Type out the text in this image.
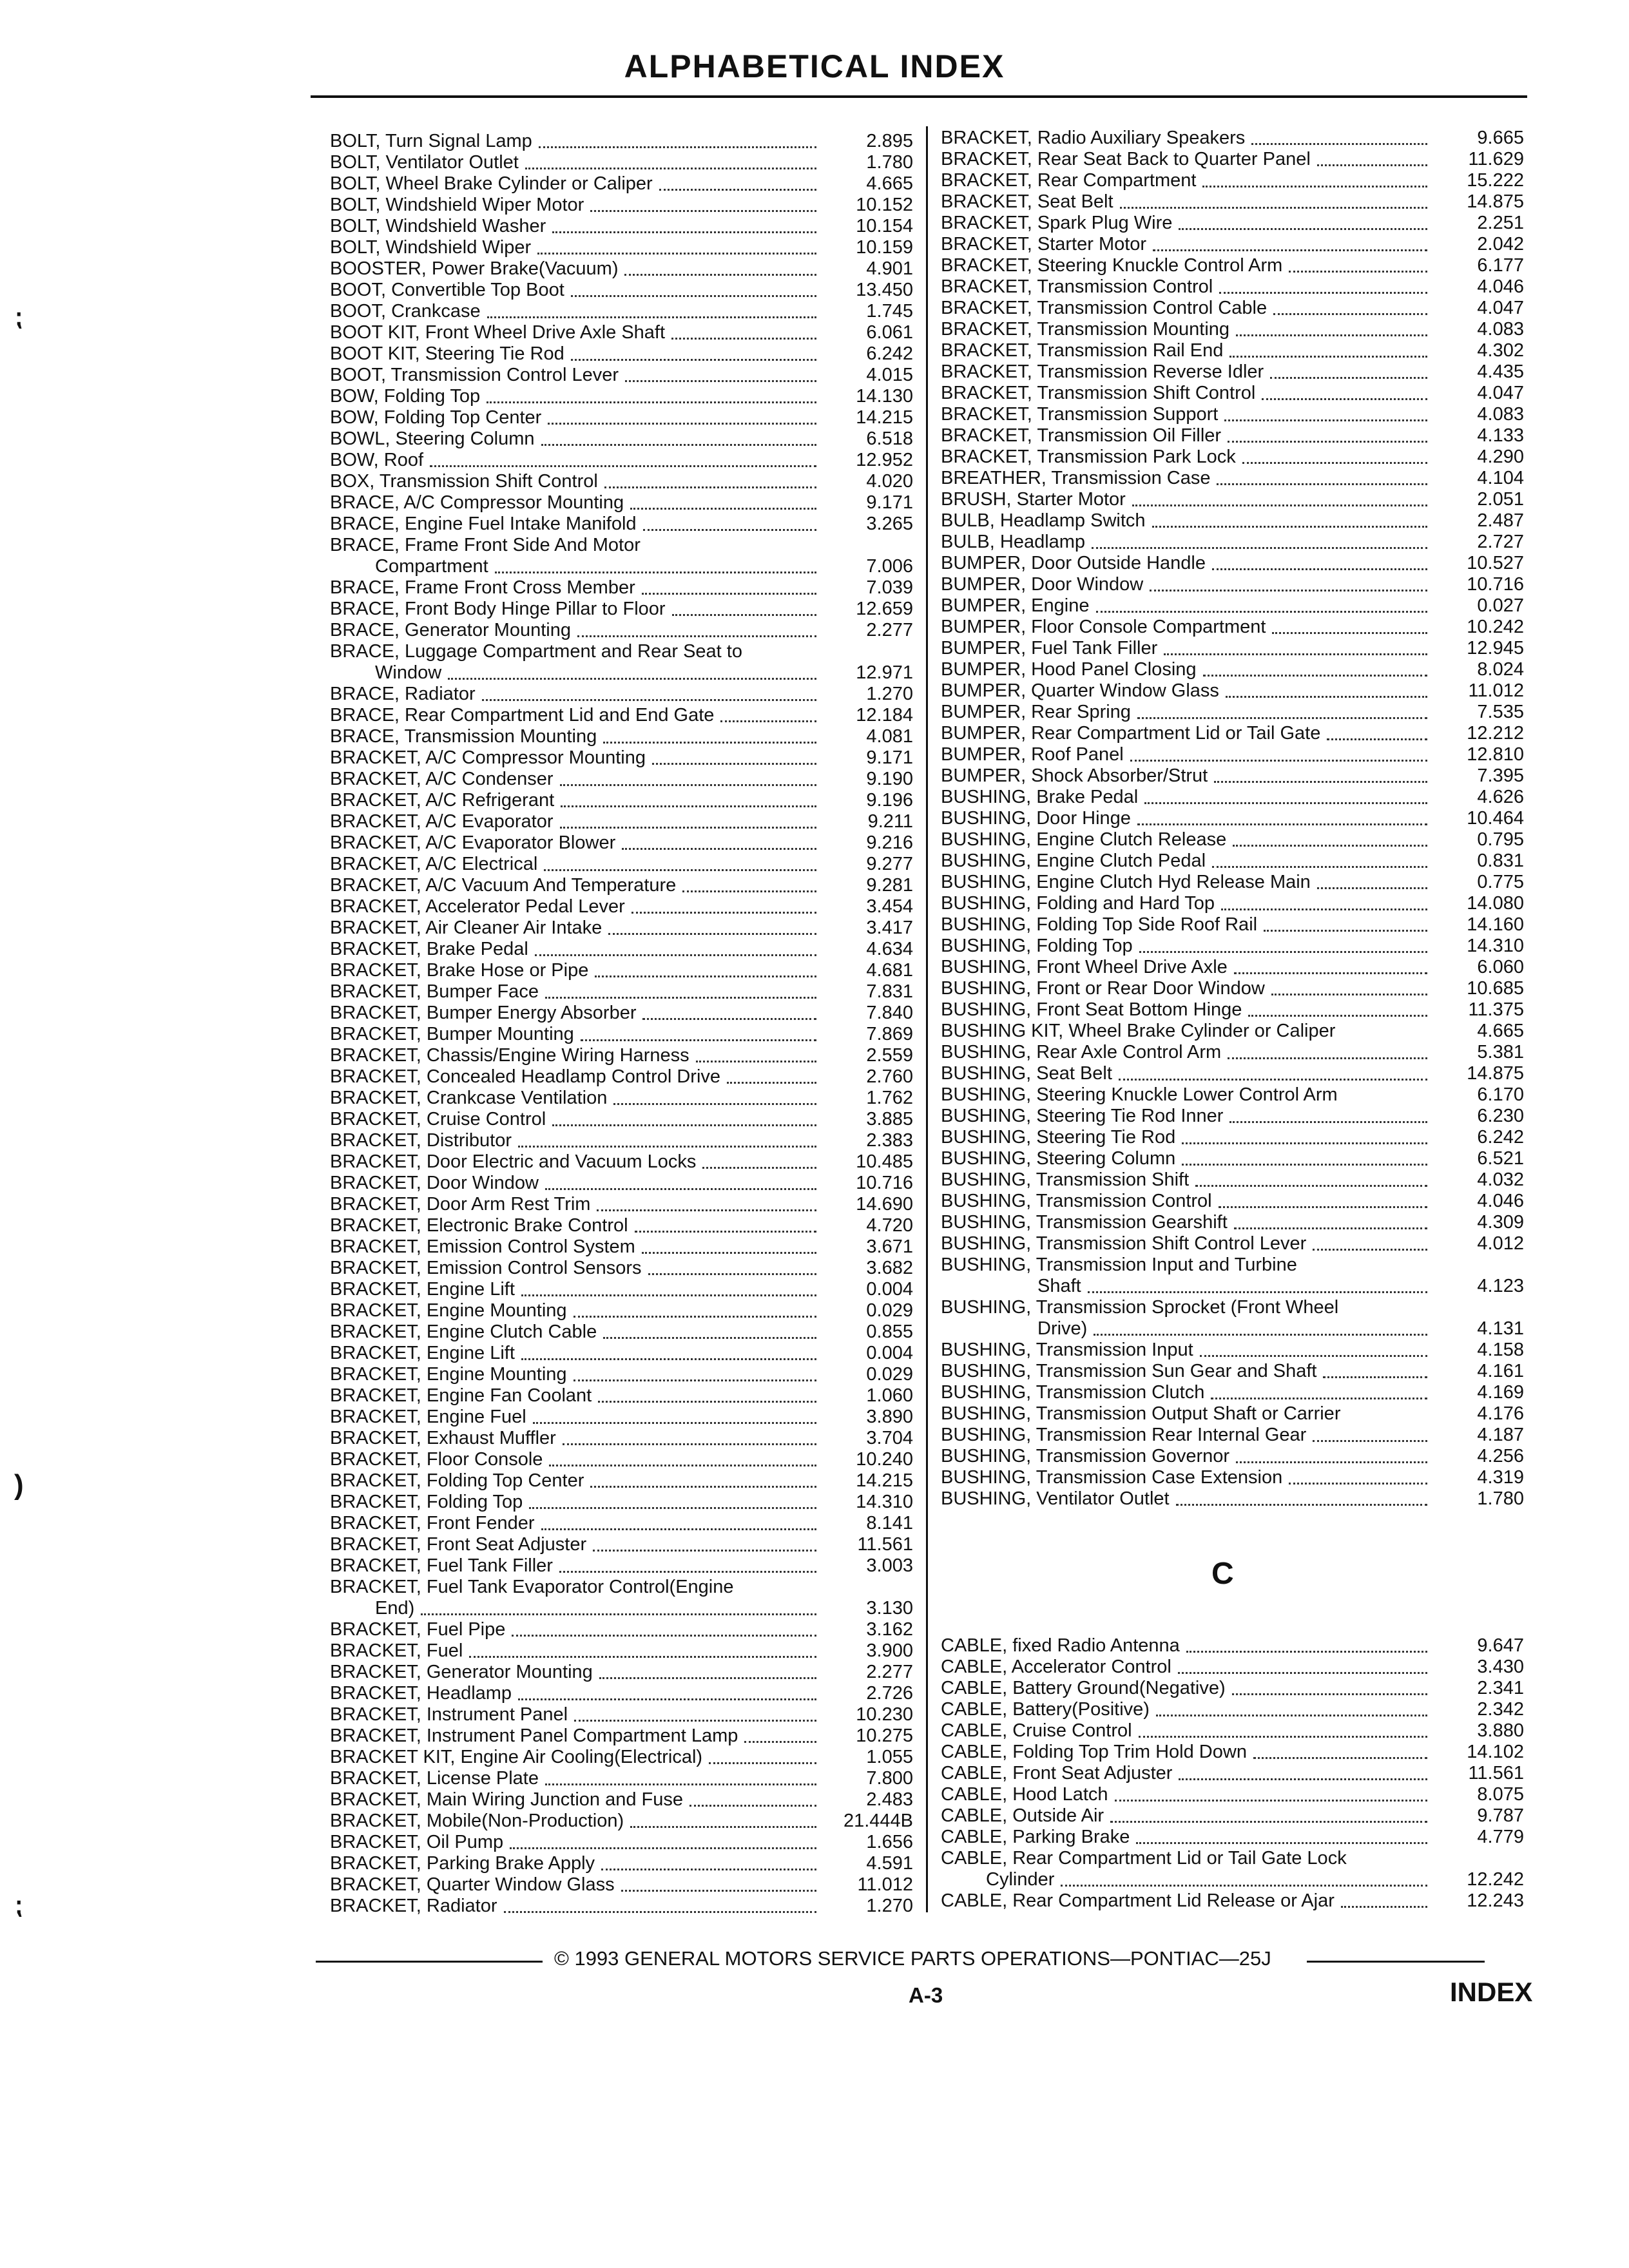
ALPHABETICAL INDEX
⁏
)
⁏
BOLT, Turn Signal Lamp	2.895
BOLT, Ventilator Outlet	1.780
BOLT, Wheel Brake Cylinder or Caliper	4.665
BOLT, Windshield Wiper Motor	10.152
BOLT, Windshield Washer	10.154
BOLT, Windshield Wiper	10.159
BOOSTER, Power Brake(Vacuum)	4.901
BOOT, Convertible Top Boot	13.450
BOOT, Crankcase	1.745
BOOT KIT, Front Wheel Drive Axle Shaft	6.061
BOOT KIT, Steering Tie Rod	6.242
BOOT, Transmission Control Lever	4.015
BOW, Folding Top	14.130
BOW, Folding Top Center	14.215
BOWL, Steering Column	6.518
BOW, Roof	12.952
BOX, Transmission Shift Control	4.020
BRACE, A/C Compressor Mounting	9.171
BRACE, Engine Fuel Intake Manifold	3.265
BRACE, Frame Front Side And Motor
Compartment	7.006
BRACE, Frame Front Cross Member	7.039
BRACE, Front Body Hinge Pillar to Floor	12.659
BRACE, Generator Mounting	2.277
BRACE, Luggage Compartment and Rear Seat to
Window	12.971
BRACE, Radiator	1.270
BRACE, Rear Compartment Lid and End Gate	12.184
BRACE, Transmission Mounting	4.081
BRACKET, A/C Compressor Mounting	9.171
BRACKET, A/C Condenser	9.190
BRACKET, A/C Refrigerant	9.196
BRACKET, A/C Evaporator	9.211
BRACKET, A/C Evaporator Blower	9.216
BRACKET, A/C Electrical	9.277
BRACKET, A/C Vacuum And Temperature	9.281
BRACKET, Accelerator Pedal Lever	3.454
BRACKET, Air Cleaner Air Intake	3.417
BRACKET, Brake Pedal	4.634
BRACKET, Brake Hose or Pipe	4.681
BRACKET, Bumper Face	7.831
BRACKET, Bumper Energy Absorber	7.840
BRACKET, Bumper Mounting	7.869
BRACKET, Chassis/Engine Wiring Harness	2.559
BRACKET, Concealed Headlamp Control Drive	2.760
BRACKET, Crankcase Ventilation	1.762
BRACKET, Cruise Control	3.885
BRACKET, Distributor	2.383
BRACKET, Door Electric and Vacuum Locks	10.485
BRACKET, Door Window	10.716
BRACKET, Door Arm Rest Trim	14.690
BRACKET, Electronic Brake Control	4.720
BRACKET, Emission Control System	3.671
BRACKET, Emission Control Sensors	3.682
BRACKET, Engine Lift	0.004
BRACKET, Engine Mounting	0.029
BRACKET, Engine Clutch Cable	0.855
BRACKET, Engine Lift	0.004
BRACKET, Engine Mounting	0.029
BRACKET, Engine Fan Coolant	1.060
BRACKET, Engine Fuel	3.890
BRACKET, Exhaust Muffler	3.704
BRACKET, Floor Console	10.240
BRACKET, Folding Top Center	14.215
BRACKET, Folding Top	14.310
BRACKET, Front Fender	8.141
BRACKET, Front Seat Adjuster	11.561
BRACKET, Fuel Tank Filler	3.003
BRACKET, Fuel Tank Evaporator Control(Engine
End)	3.130
BRACKET, Fuel Pipe	3.162
BRACKET, Fuel	3.900
BRACKET, Generator Mounting	2.277
BRACKET, Headlamp	2.726
BRACKET, Instrument Panel	10.230
BRACKET, Instrument Panel Compartment Lamp	10.275
BRACKET KIT, Engine Air Cooling(Electrical)	1.055
BRACKET, License Plate	7.800
BRACKET, Main Wiring Junction and Fuse	2.483
BRACKET, Mobile(Non-Production)	21.444B
BRACKET, Oil Pump	1.656
BRACKET, Parking Brake Apply	4.591
BRACKET, Quarter Window Glass	11.012
BRACKET, Radiator	1.270
BRACKET, Radio Auxiliary Speakers	9.665
BRACKET, Rear Seat Back to Quarter Panel	11.629
BRACKET, Rear Compartment	15.222
BRACKET, Seat Belt	14.875
BRACKET, Spark Plug Wire	2.251
BRACKET, Starter Motor	2.042
BRACKET, Steering Knuckle Control Arm	6.177
BRACKET, Transmission Control	4.046
BRACKET, Transmission Control Cable	4.047
BRACKET, Transmission Mounting	4.083
BRACKET, Transmission Rail End	4.302
BRACKET, Transmission Reverse Idler	4.435
BRACKET, Transmission Shift Control	4.047
BRACKET, Transmission Support	4.083
BRACKET, Transmission Oil Filler	4.133
BRACKET, Transmission Park Lock	4.290
BREATHER, Transmission Case	4.104
BRUSH, Starter Motor	2.051
BULB, Headlamp Switch	2.487
BULB, Headlamp	2.727
BUMPER, Door Outside Handle	10.527
BUMPER, Door Window	10.716
BUMPER, Engine	0.027
BUMPER, Floor Console Compartment	10.242
BUMPER, Fuel Tank Filler	12.945
BUMPER, Hood Panel Closing	8.024
BUMPER, Quarter Window Glass	11.012
BUMPER, Rear Spring	7.535
BUMPER, Rear Compartment Lid or Tail Gate	12.212
BUMPER, Roof Panel	12.810
BUMPER, Shock Absorber/Strut	7.395
BUSHING, Brake Pedal	4.626
BUSHING, Door Hinge	10.464
BUSHING, Engine Clutch Release	0.795
BUSHING, Engine Clutch Pedal	0.831
BUSHING, Engine Clutch Hyd Release Main	0.775
BUSHING, Folding and Hard Top	14.080
BUSHING, Folding Top Side Roof Rail	14.160
BUSHING, Folding Top	14.310
BUSHING, Front Wheel Drive Axle	6.060
BUSHING, Front or Rear Door Window	10.685
BUSHING, Front Seat Bottom Hinge	11.375
BUSHING KIT, Wheel Brake Cylinder or Caliper	4.665
BUSHING, Rear Axle Control Arm	5.381
BUSHING, Seat Belt	14.875
BUSHING, Steering Knuckle Lower Control Arm	6.170
BUSHING, Steering Tie Rod Inner	6.230
BUSHING, Steering Tie Rod	6.242
BUSHING, Steering Column	6.521
BUSHING, Transmission Shift	4.032
BUSHING, Transmission Control	4.046
BUSHING, Transmission Gearshift	4.309
BUSHING, Transmission Shift Control Lever	4.012
BUSHING, Transmission Input and Turbine
Shaft	4.123
BUSHING, Transmission Sprocket (Front Wheel
Drive)	4.131
BUSHING, Transmission Input	4.158
BUSHING, Transmission Sun Gear and Shaft	4.161
BUSHING, Transmission Clutch	4.169
BUSHING, Transmission Output Shaft or Carrier	4.176
BUSHING, Transmission Rear Internal Gear	4.187
BUSHING, Transmission Governor	4.256
BUSHING, Transmission Case Extension	4.319
BUSHING, Ventilator Outlet	1.780
C
CABLE, fixed Radio Antenna	9.647
CABLE, Accelerator Control	3.430
CABLE, Battery Ground(Negative)	2.341
CABLE, Battery(Positive)	2.342
CABLE, Cruise Control	3.880
CABLE, Folding Top Trim Hold Down	14.102
CABLE, Front Seat Adjuster	11.561
CABLE, Hood Latch	8.075
CABLE, Outside Air	9.787
CABLE, Parking Brake	4.779
CABLE, Rear Compartment Lid or Tail Gate Lock
Cylinder	12.242
CABLE, Rear Compartment Lid Release or Ajar	12.243
© 1993 GENERAL MOTORS SERVICE PARTS OPERATIONS—PONTIAC—25J
A-3	INDEX
